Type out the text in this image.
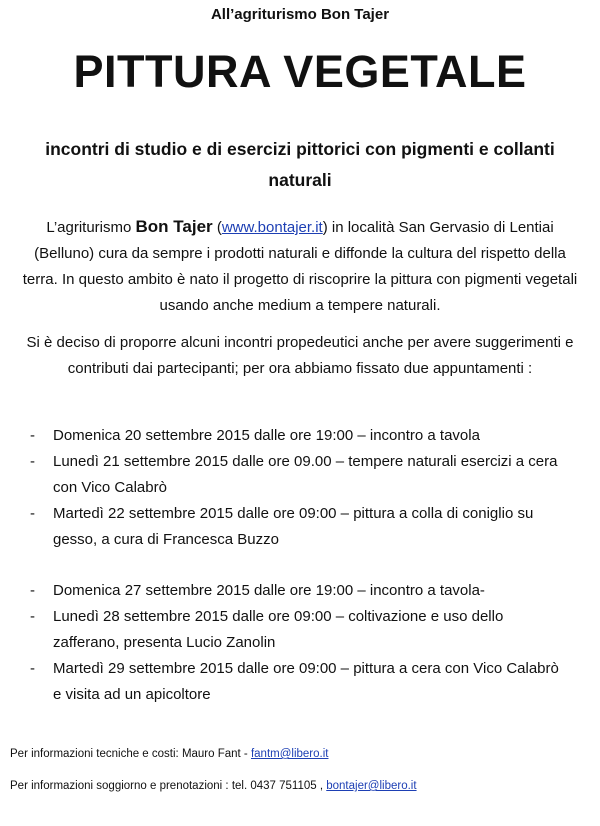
All’agriturismo Bon Tajer
PITTURA VEGETALE
incontri di studio e di esercizi pittorici con pigmenti e collanti naturali
L’agriturismo Bon Tajer (www.bontajer.it) in località San Gervasio di Lentiai (Belluno) cura da sempre i prodotti naturali e diffonde la cultura del rispetto della terra. In questo ambito è nato il progetto di riscoprire la pittura con pigmenti vegetali usando anche medium a tempere naturali.
Si è deciso di proporre alcuni incontri propedeutici anche per avere suggerimenti e contributi dai partecipanti; per ora abbiamo fissato due appuntamenti :
- Domenica 20 settembre 2015 dalle ore 19:00 – incontro a tavola
- Lunedì 21 settembre 2015 dalle ore 09.00 – tempere naturali esercizi a cera con Vico Calabrò
- Martedì 22 settembre 2015 dalle ore 09:00 – pittura a colla di coniglio su gesso, a cura di Francesca Buzzo
- Domenica 27 settembre 2015 dalle ore 19:00 – incontro a tavola-
- Lunedì 28 settembre 2015 dalle ore 09:00 – coltivazione e uso dello zafferano, presenta Lucio Zanolin
- Martedì 29 settembre 2015 dalle ore 09:00 – pittura a cera con Vico Calabrò e visita ad un apicoltore
Per informazioni tecniche e costi: Mauro Fant - fantm@libero.it
Per informazioni soggiorno e prenotazioni : tel. 0437 751105 , bontajer@libero.it
